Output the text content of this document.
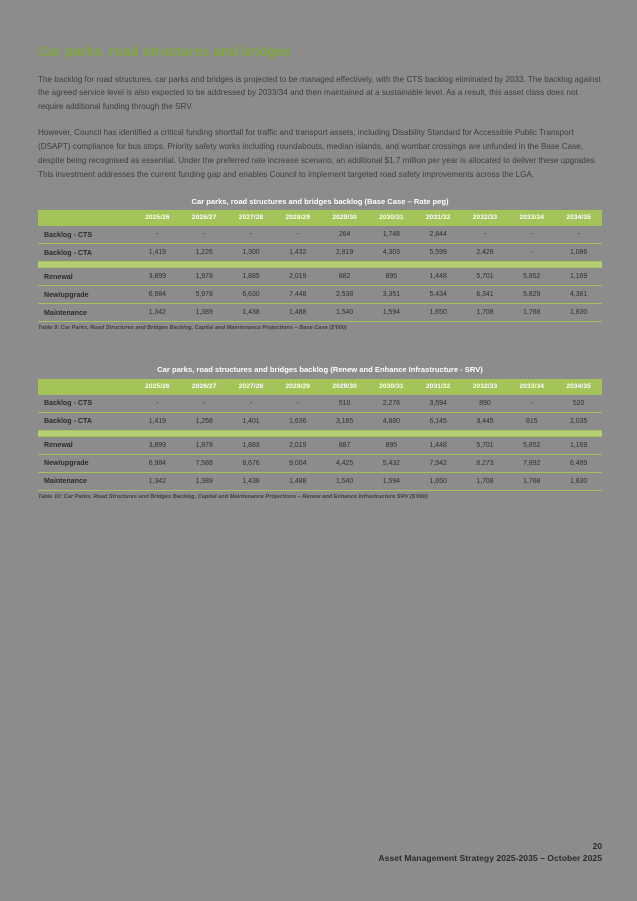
Car parks, road structures and bridges

The backlog for road structures, car parks and bridges is projected to be managed effectively, with the CTS backlog eliminated by 2033. The backlog against the agreed service level is also expected to be addressed by 2033/34 and then maintained at a sustainable level. As a result, this asset class does not require additional funding through the SRV.

However, Council has identified a critical funding shortfall for traffic and transport assets, including Disability Standard for Accessible Public Transport (DSAPT) compliance for bus stops. Priority safety works including roundabouts, median islands, and wombat crossings are unfunded in the Base Case, despite being recognised as essential. Under the preferred rate increase scenario, an additional $1.7 million per year is allocated to deliver these upgrades. This investment addresses the current funding gap and enables Council to implement targeted road safety improvements across the LGA.

Car parks, road structures and bridges backlog (Base Case – Rate peg)
	2025/26	2026/27	2027/28	2028/29	2029/30	2030/31	2031/32	2032/33	2033/34	2034/35
Backlog - CTS	-	-	-	-	264	1,748	2,844	-	-	-
Backlog - CTA	1,419	1,226	1,300	1,432	2,819	4,303	5,599	2,428	-	1,086

Renewal	3,899	1,978	1,885	2,019	882	895	1,448	5,701	5,852	1,169
New/upgrade	6,984	5,978	6,630	7,448	2,538	3,351	5,434	6,341	5,829	4,381
Maintenance	1,342	1,389	1,438	1,488	1,540	1,594	1,650	1,708	1,768	1,830

Table 9: Car Parks, Road Structures and Bridges Backlog, Capital and Maintenance Projections – Base Case ($'000)

Car parks, road structures and bridges backlog (Renew and Enhance Infrastructure - SRV)
	2025/26	2026/27	2027/28	2028/29	2029/30	2030/31	2031/32	2032/33	2033/34	2034/35
Backlog - CTS	-	-	-	-	510	2,276	3,594	890	-	520
Backlog - CTA	1,419	1,258	1,401	1,636	3,165	4,880	6,145	3,445	815	2,035

Renewal	3,899	1,978	1,883	2,019	887	895	1,448	5,701	5,852	1,169
New/upgrade	6,984	7,588	8,676	9,004	4,425	5,432	7,942	8,273	7,892	6,489
Maintenance	1,342	1,389	1,438	1,488	1,540	1,594	1,650	1,708	1,768	1,830

Table 10: Car Parks, Road Structures and Bridges Backlog, Capital and Maintenance Projections – Renew and Enhance Infrastructure SRV ($'000)

20
Asset Management Strategy 2025-2035 – October 2025
